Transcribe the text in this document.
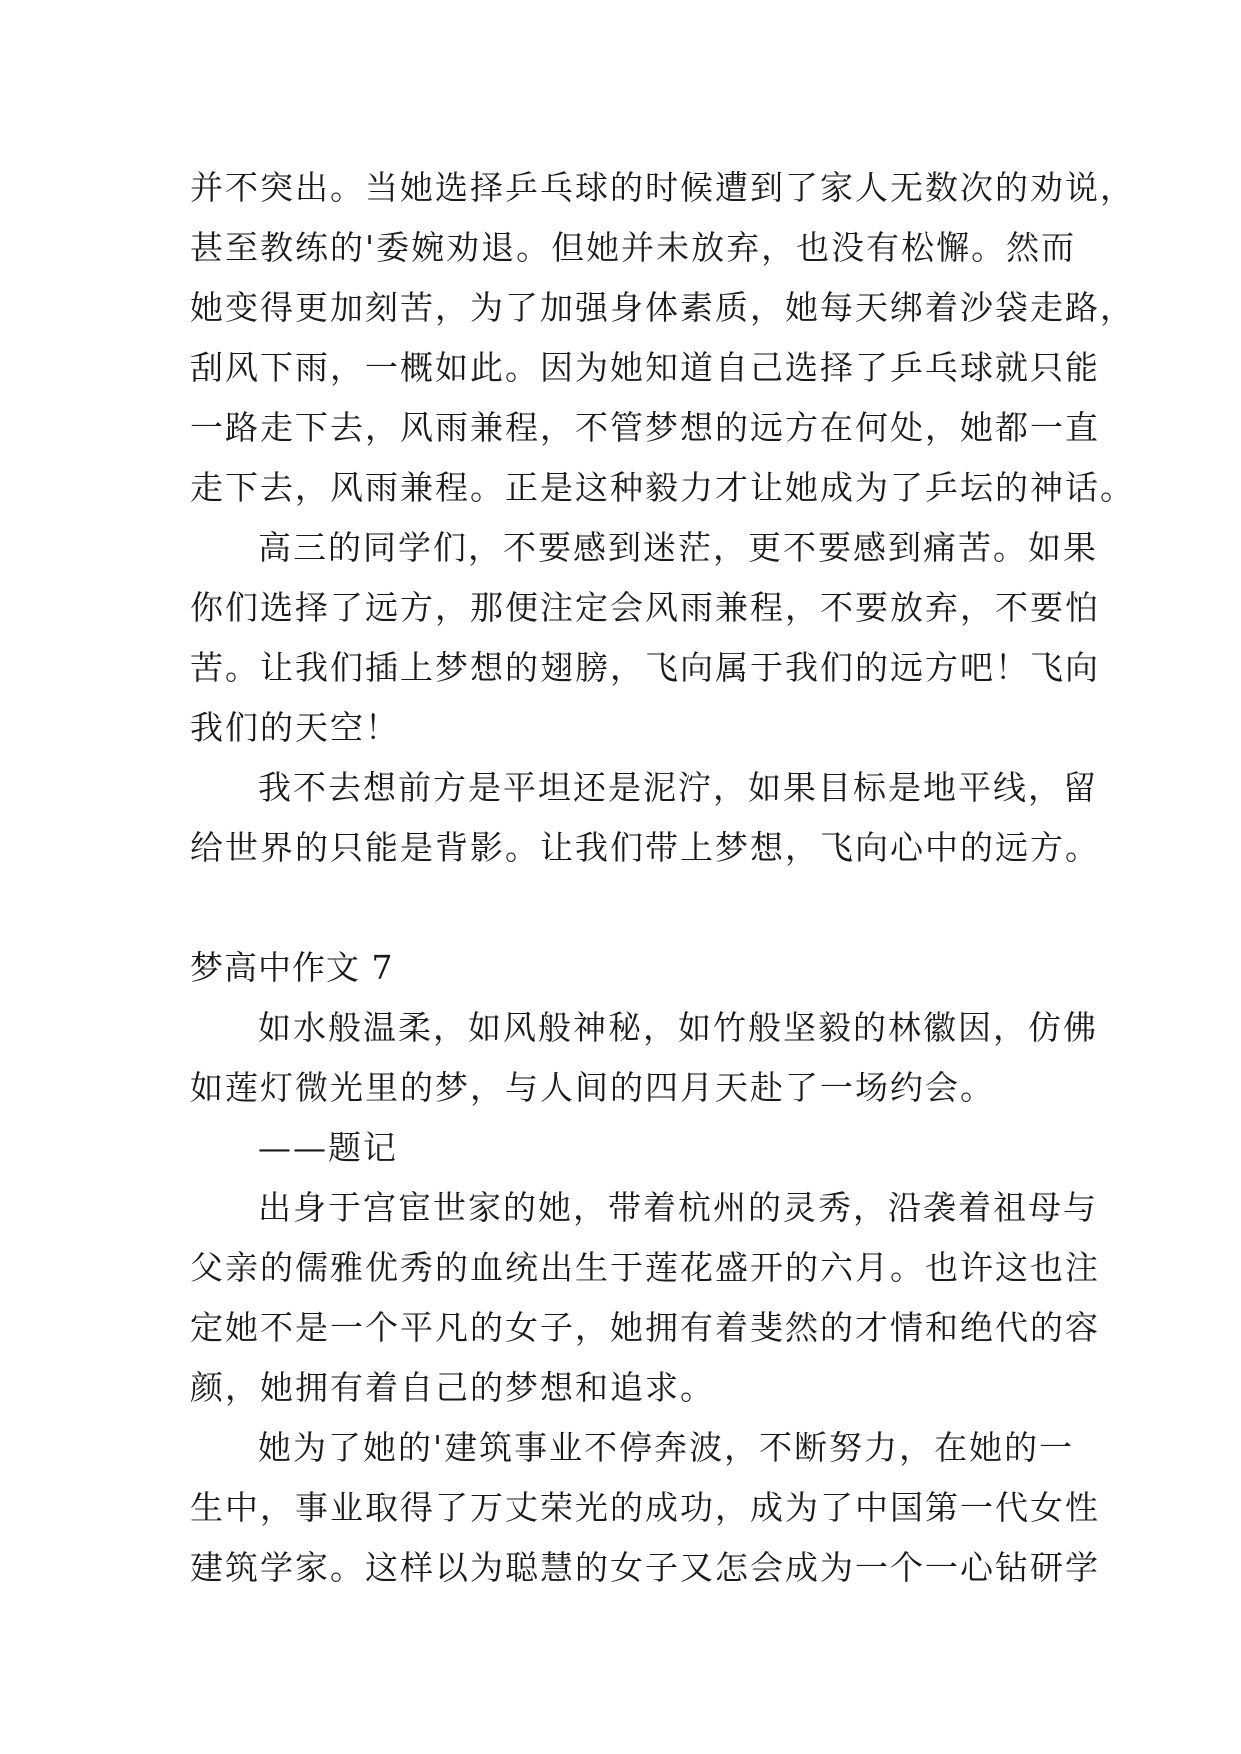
并不突出。当她选择乒乓球的时候遭到了家人无数次的劝说，
甚至教练的'委婉劝退。但她并未放弃，也没有松懈。然而
她变得更加刻苦，为了加强身体素质，她每天绑着沙袋走路，
刮风下雨，一概如此。因为她知道自己选择了乒乓球就只能
一路走下去，风雨兼程，不管梦想的远方在何处，她都一直
走下去，风雨兼程。正是这种毅力才让她成为了乒坛的神话。
高三的同学们，不要感到迷茫，更不要感到痛苦。如果
你们选择了远方，那便注定会风雨兼程，不要放弃，不要怕
苦。让我们插上梦想的翅膀，飞向属于我们的远方吧！飞向
我们的天空！
我不去想前方是平坦还是泥泞，如果目标是地平线，留
给世界的只能是背影。让我们带上梦想，飞向心中的远方。
梦高中作文 7
如水般温柔，如风般神秘，如竹般坚毅的林徽因，仿佛
如莲灯微光里的梦，与人间的四月天赴了一场约会。
——题记
出身于宫宦世家的她，带着杭州的灵秀，沿袭着祖母与
父亲的儒雅优秀的血统出生于莲花盛开的六月。也许这也注
定她不是一个平凡的女子，她拥有着斐然的才情和绝代的容
颜，她拥有着自己的梦想和追求。
她为了她的'建筑事业不停奔波，不断努力，在她的一
生中，事业取得了万丈荣光的成功，成为了中国第一代女性
建筑学家。这样以为聪慧的女子又怎会成为一个一心钻研学
